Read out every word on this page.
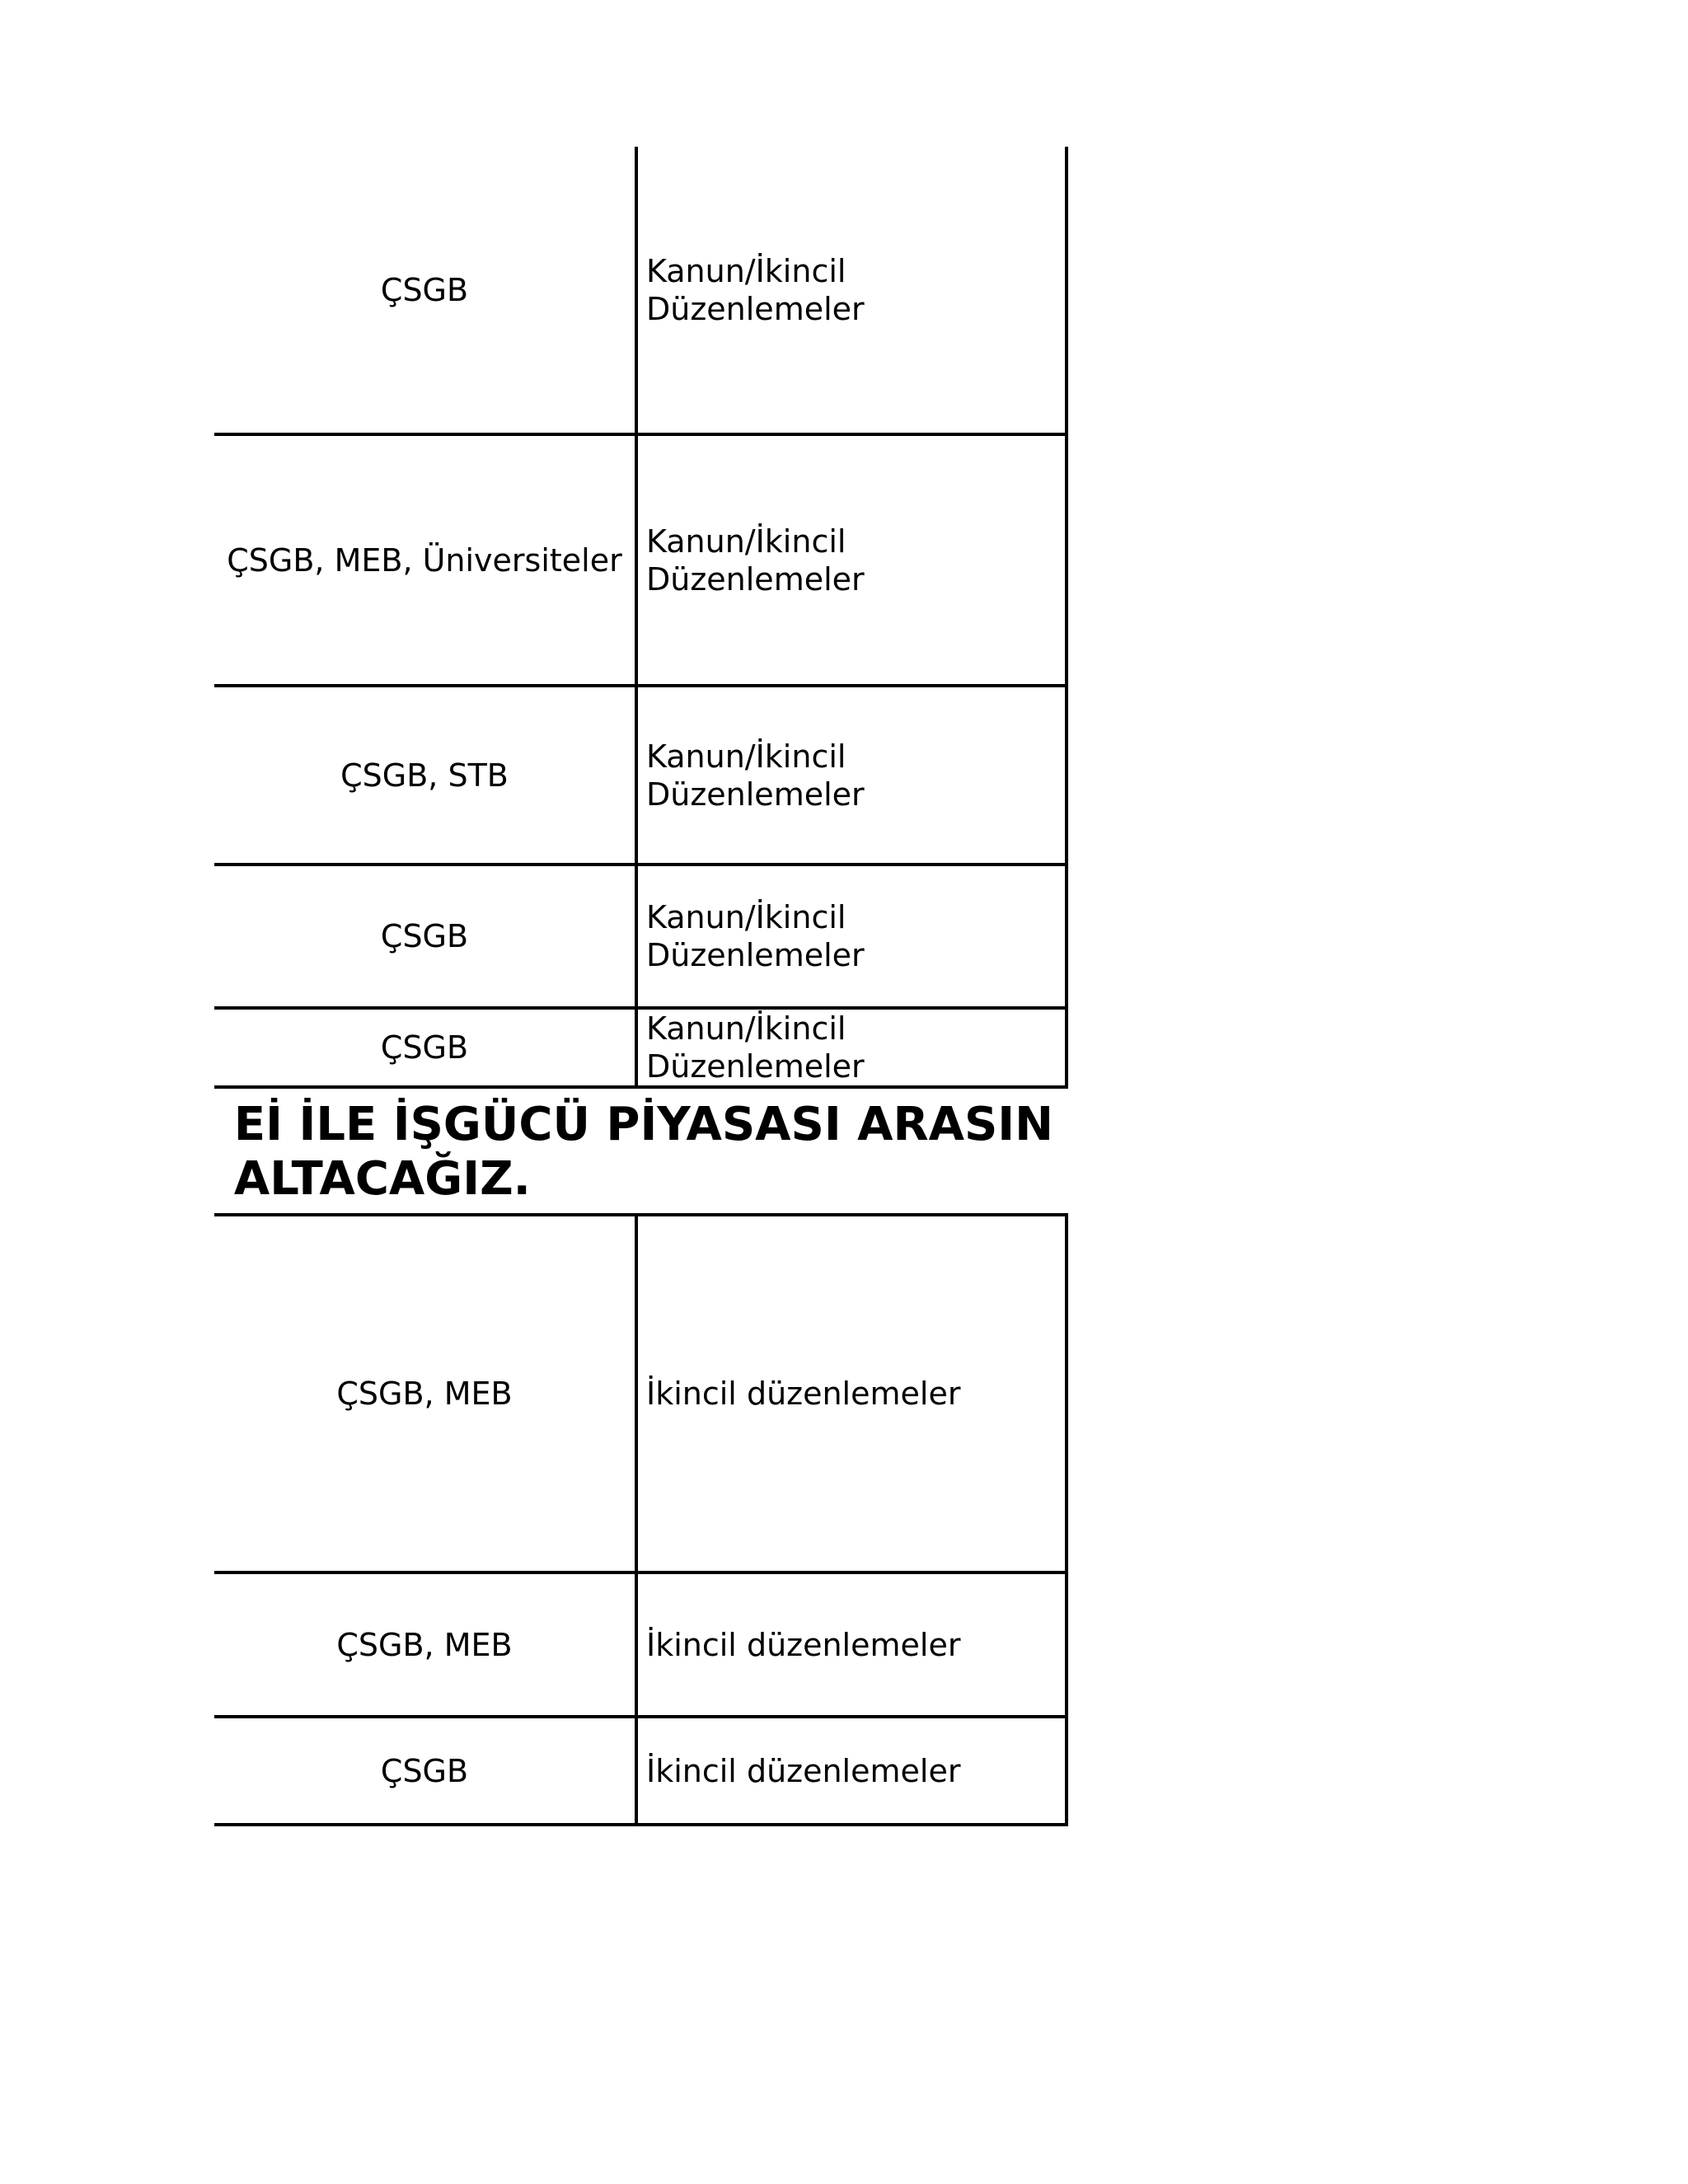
ÇSGB	Kanun/İkincil Düzenlemeler
ÇSGB, MEB, Üniversiteler	Kanun/İkincil Düzenlemeler
ÇSGB, STB	Kanun/İkincil Düzenlemeler
ÇSGB	Kanun/İkincil Düzenlemeler
ÇSGB	Kanun/İkincil Düzenlemeler
Eİ İLE İŞGÜCÜ PİYASASI ARASIN
ALTACAĞIZ.
ÇSGB, MEB	İkincil düzenlemeler
ÇSGB, MEB	İkincil düzenlemeler
ÇSGB	İkincil düzenlemeler
